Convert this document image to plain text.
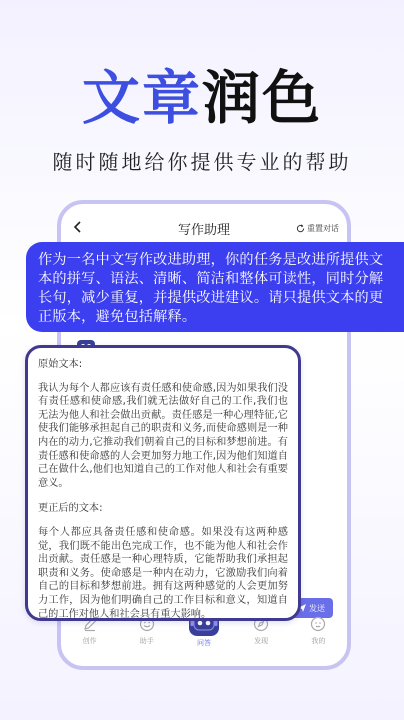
文章润色
随时随地给你提供专业的帮助
写作助理	重置对话
发送
创作	助手	问答	发现	我的
作为一名中文写作改进助理，你的任务是改进所提供文本的拼写、语法、清晰、简洁和整体可读性，同时分解长句，减少重复，并提供改进建议。请只提供文本的更正版本，避免包括解释。

原始文本:

我认为每个人都应该有责任感和使命感,因为如果我们没有责任感和使命感,我们就无法做好自己的工作,我们也无法为他人和社会做出贡献。责任感是一种心理特征,它使我们能够承担起自己的职责和义务,而使命感则是一种内在的动力,它推动我们朝着自己的目标和梦想前进。有责任感和使命感的人会更加努力地工作,因为他们知道自己在做什么,他们也知道自己的工作对他人和社会有重要意义。

更正后的文本:

每个人都应具备责任感和使命感。如果没有这两种感觉，我们既不能出色完成工作，也不能为他人和社会作出贡献。责任感是一种心理特质，它能帮助我们承担起职责和义务。使命感是一种内在动力，它激励我们向着自己的目标和梦想前进。拥有这两种感觉的人会更加努力工作，因为他们明确自己的工作目标和意义，知道自己的工作对他人和社会具有重大影响。
